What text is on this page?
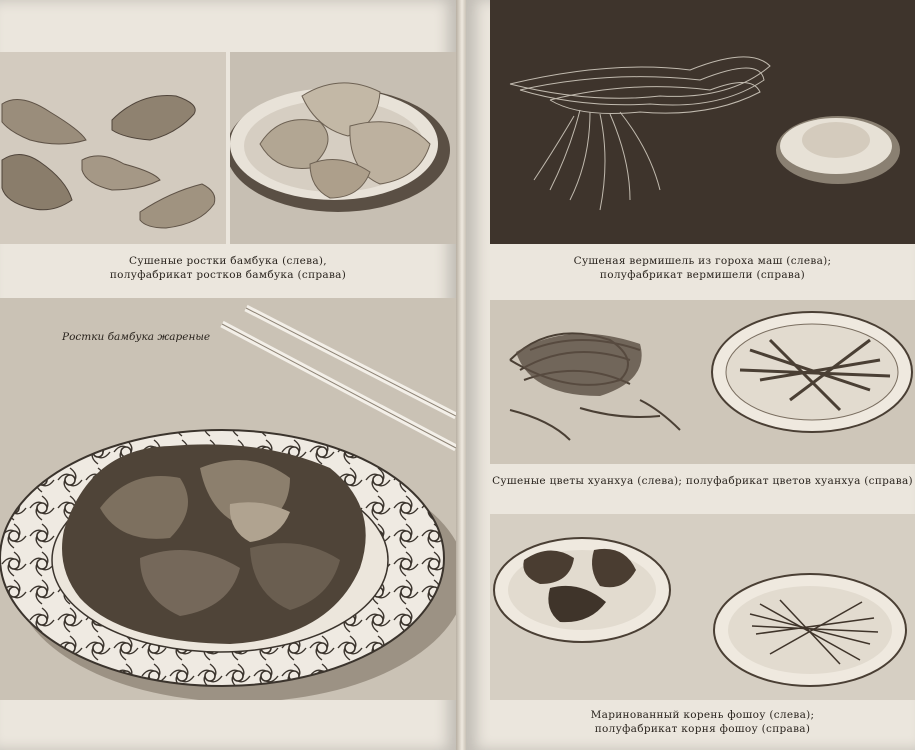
Сушеные ростки бамбука (слева),
полуфабрикат ростков бамбука (справа)
Ростки бамбука жареные
Сушеная вермишель из гороха маш (слева);
полуфабрикат вермишели (справа)
Сушеные цветы хуанхуа (слева); полуфабрикат цветов хуанхуа (справа)
Маринованный корень фошоу (слева);
полуфабрикат корня фошоу (справа)
